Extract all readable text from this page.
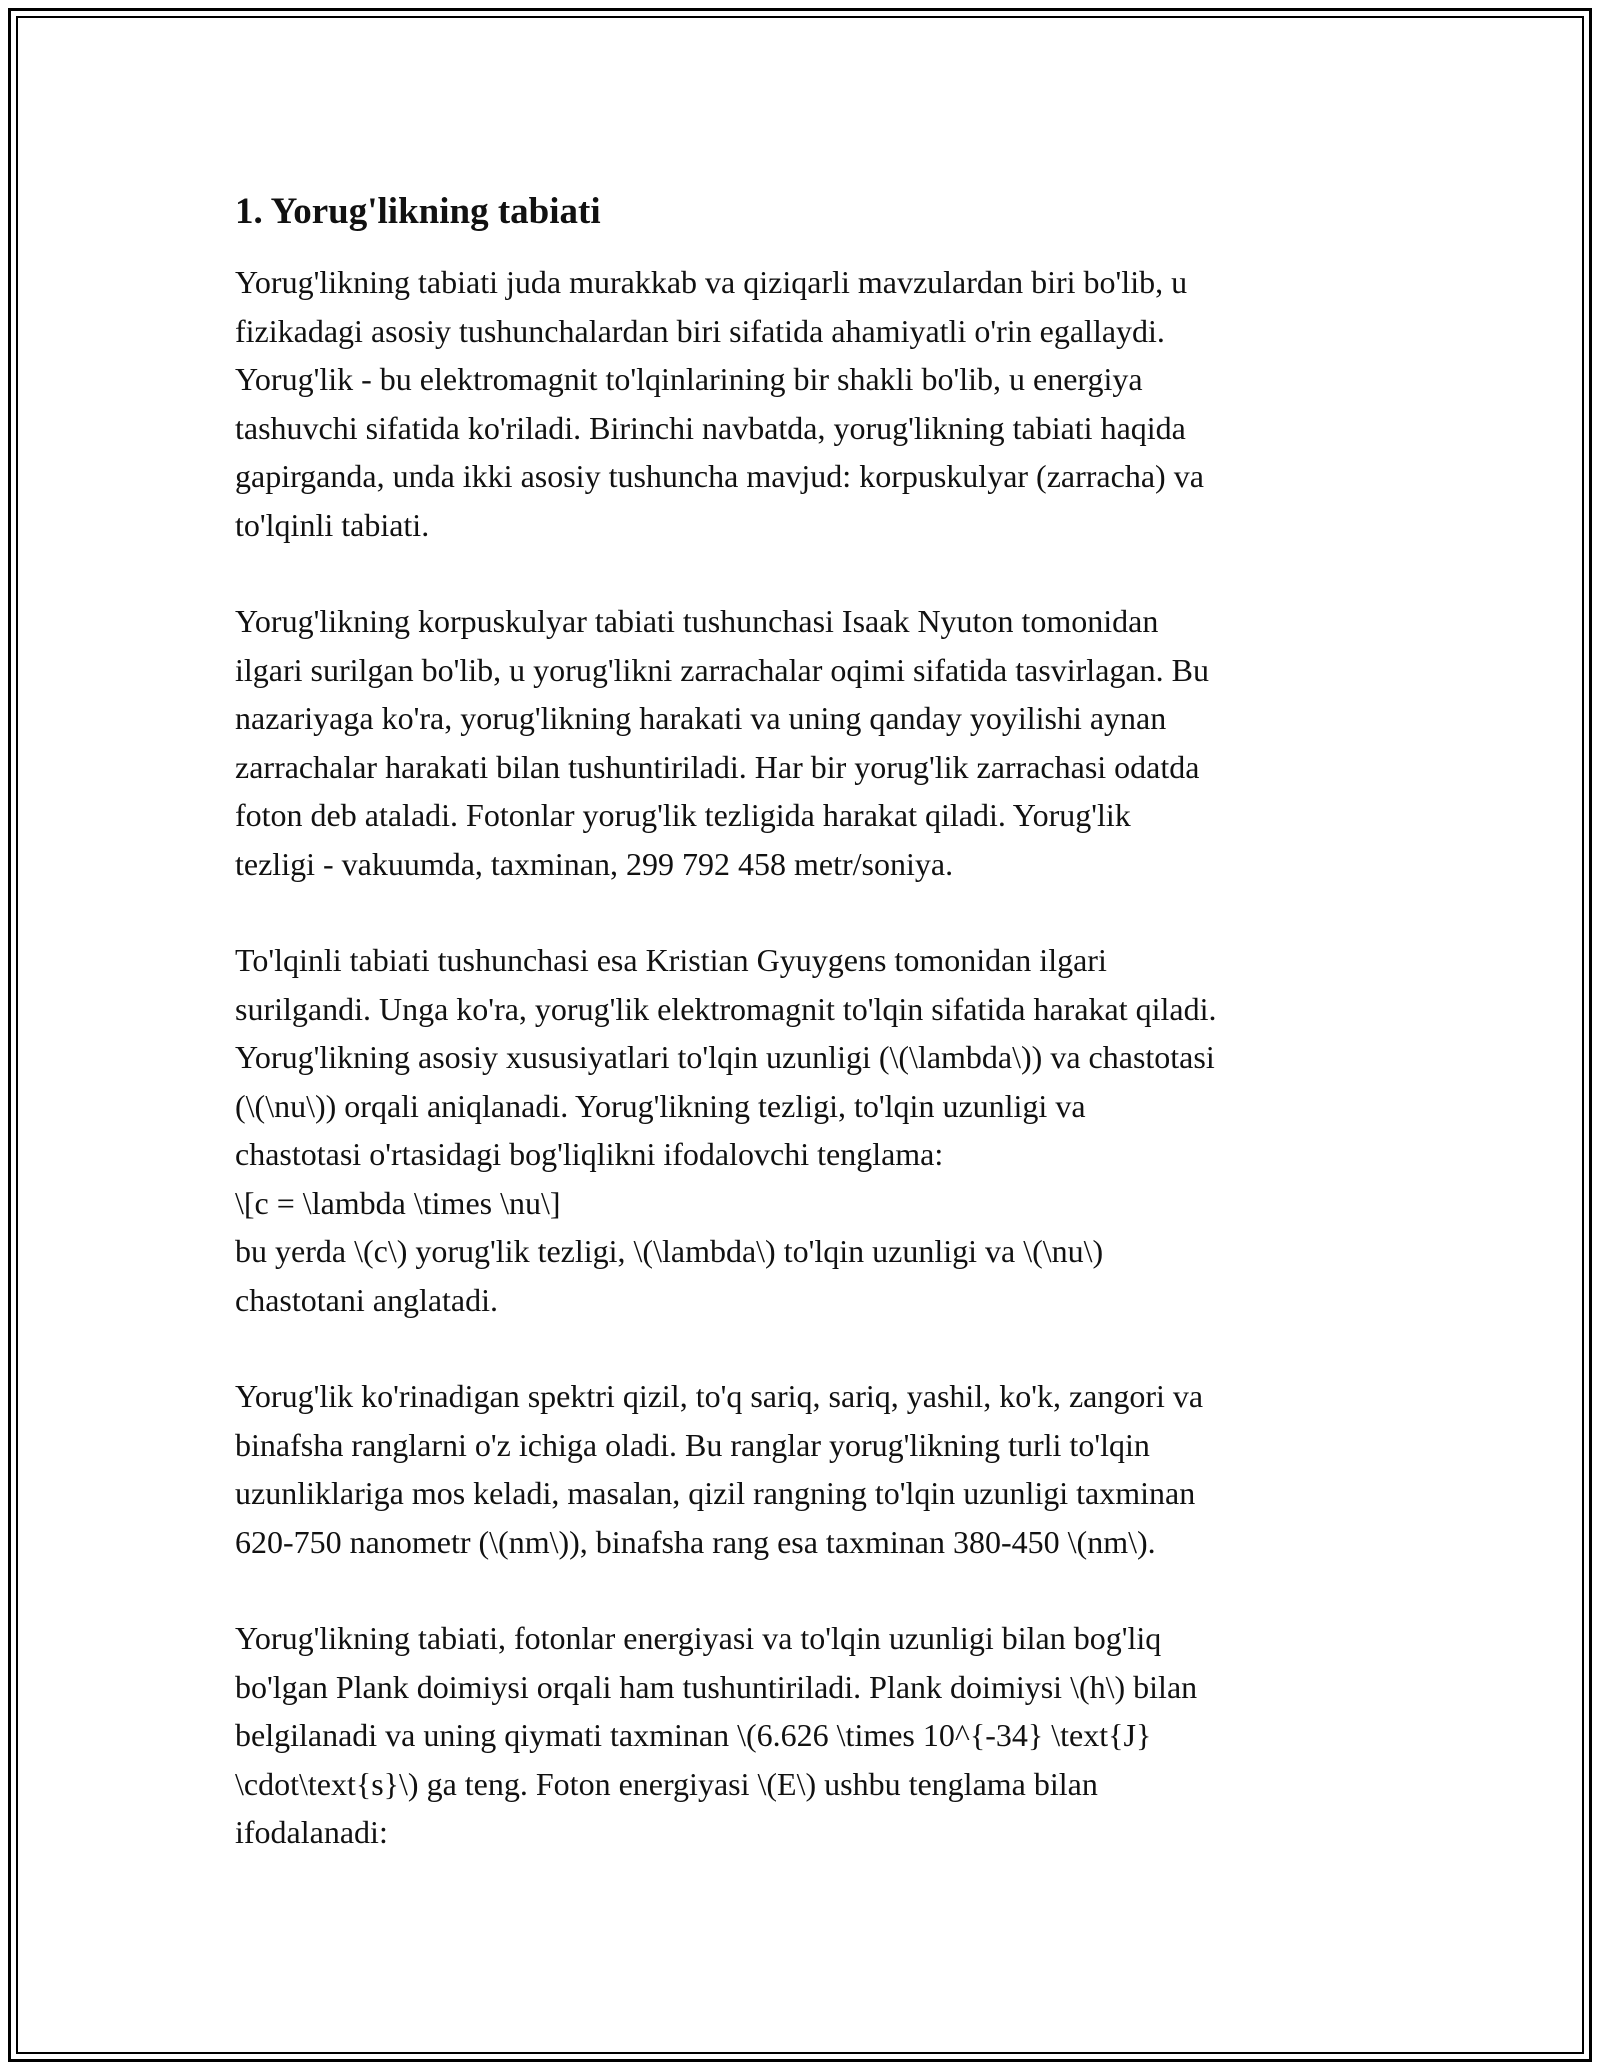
1. Yorug'likning tabiati

Yorug'likning tabiati juda murakkab va qiziqarli mavzulardan biri bo'lib, u
fizikadagi asosiy tushunchalardan biri sifatida ahamiyatli o'rin egallaydi.
Yorug'lik - bu elektromagnit to'lqinlarining bir shakli bo'lib, u energiya
tashuvchi sifatida ko'riladi. Birinchi navbatda, yorug'likning tabiati haqida
gapirganda, unda ikki asosiy tushuncha mavjud: korpuskulyar (zarracha) va
to'lqinli tabiati.

Yorug'likning korpuskulyar tabiati tushunchasi Isaak Nyuton tomonidan
ilgari surilgan bo'lib, u yorug'likni zarrachalar oqimi sifatida tasvirlagan. Bu
nazariyaga ko'ra, yorug'likning harakati va uning qanday yoyilishi aynan
zarrachalar harakati bilan tushuntiriladi. Har bir yorug'lik zarrachasi odatda
foton deb ataladi. Fotonlar yorug'lik tezligida harakat qiladi. Yorug'lik
tezligi - vakuumda, taxminan, 299 792 458 metr/soniya.

To'lqinli tabiati tushunchasi esa Kristian Gyuygens tomonidan ilgari
surilgandi. Unga ko'ra, yorug'lik elektromagnit to'lqin sifatida harakat qiladi.
Yorug'likning asosiy xususiyatlari to'lqin uzunligi (\(\lambda\)) va chastotasi
(\(\nu\)) orqali aniqlanadi. Yorug'likning tezligi, to'lqin uzunligi va
chastotasi o'rtasidagi bog'liqlikni ifodalovchi tenglama:
\[c = \lambda \times \nu\]
bu yerda \(c\) yorug'lik tezligi, \(\lambda\) to'lqin uzunligi va \(\nu\)
chastotani anglatadi.

Yorug'lik ko'rinadigan spektri qizil, to'q sariq, sariq, yashil, ko'k, zangori va
binafsha ranglarni o'z ichiga oladi. Bu ranglar yorug'likning turli to'lqin
uzunliklariga mos keladi, masalan, qizil rangning to'lqin uzunligi taxminan
620-750 nanometr (\(nm\)), binafsha rang esa taxminan 380-450 \(nm\).

Yorug'likning tabiati, fotonlar energiyasi va to'lqin uzunligi bilan bog'liq
bo'lgan Plank doimiysi orqali ham tushuntiriladi. Plank doimiysi \(h\) bilan
belgilanadi va uning qiymati taxminan \(6.626 \times 10^{-34} \text{J}
\cdot\text{s}\) ga teng. Foton energiyasi \(E\) ushbu tenglama bilan
ifodalanadi:
